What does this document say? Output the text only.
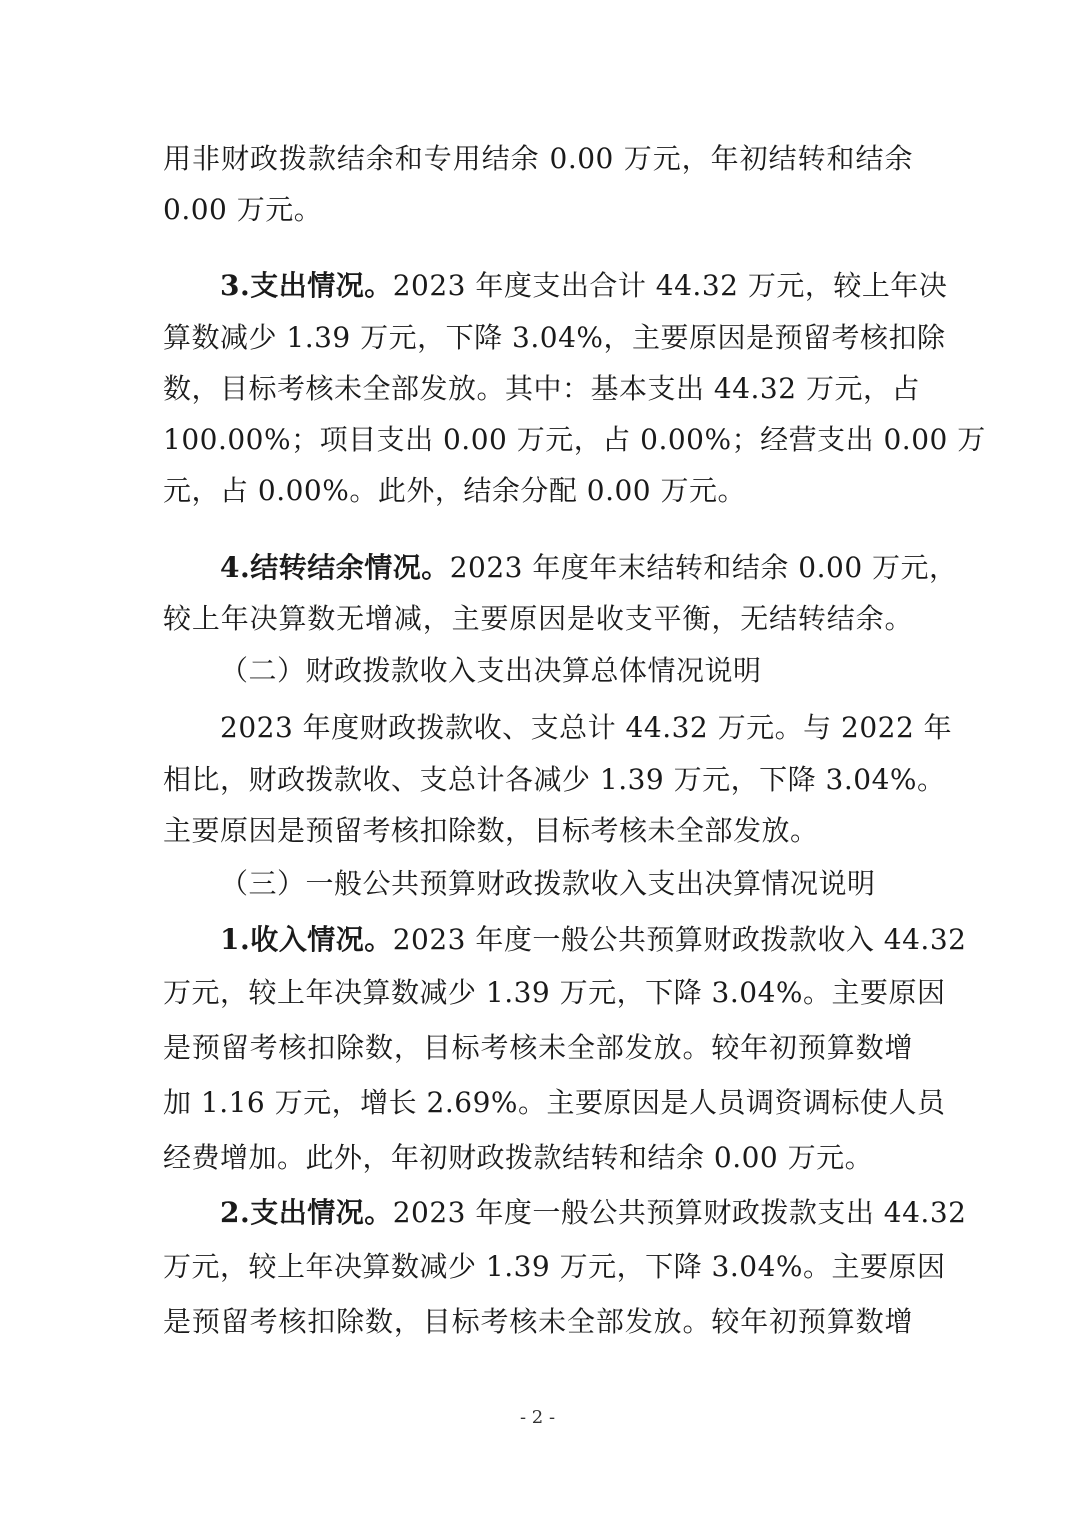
用非财政拨款结余和专用结余 0.00 万元，年初结转和结余
0.00 万元。
3.支出情况。2023 年度支出合计 44.32 万元，较上年决
算数减少 1.39 万元，下降 3.04%，主要原因是预留考核扣除
数，目标考核未全部发放。其中：基本支出 44.32 万元，占
100.00%；项目支出 0.00 万元，占 0.00%；经营支出 0.00 万
元，占 0.00%。此外，结余分配 0.00 万元。
4.结转结余情况。2023 年度年末结转和结余 0.00 万元，
较上年决算数无增减，主要原因是收支平衡，无结转结余。
（二）财政拨款收入支出决算总体情况说明
2023 年度财政拨款收、支总计 44.32 万元。与 2022 年
相比，财政拨款收、支总计各减少 1.39 万元，下降 3.04%。
主要原因是预留考核扣除数，目标考核未全部发放。
（三）一般公共预算财政拨款收入支出决算情况说明
1.收入情况。2023 年度一般公共预算财政拨款收入 44.32
万元，较上年决算数减少 1.39 万元，下降 3.04%。主要原因
是预留考核扣除数，目标考核未全部发放。较年初预算数增
加 1.16 万元，增长 2.69%。主要原因是人员调资调标使人员
经费增加。此外，年初财政拨款结转和结余 0.00 万元。
2.支出情况。2023 年度一般公共预算财政拨款支出 44.32
万元，较上年决算数减少 1.39 万元，下降 3.04%。主要原因
是预留考核扣除数，目标考核未全部发放。较年初预算数增
- 2 -
